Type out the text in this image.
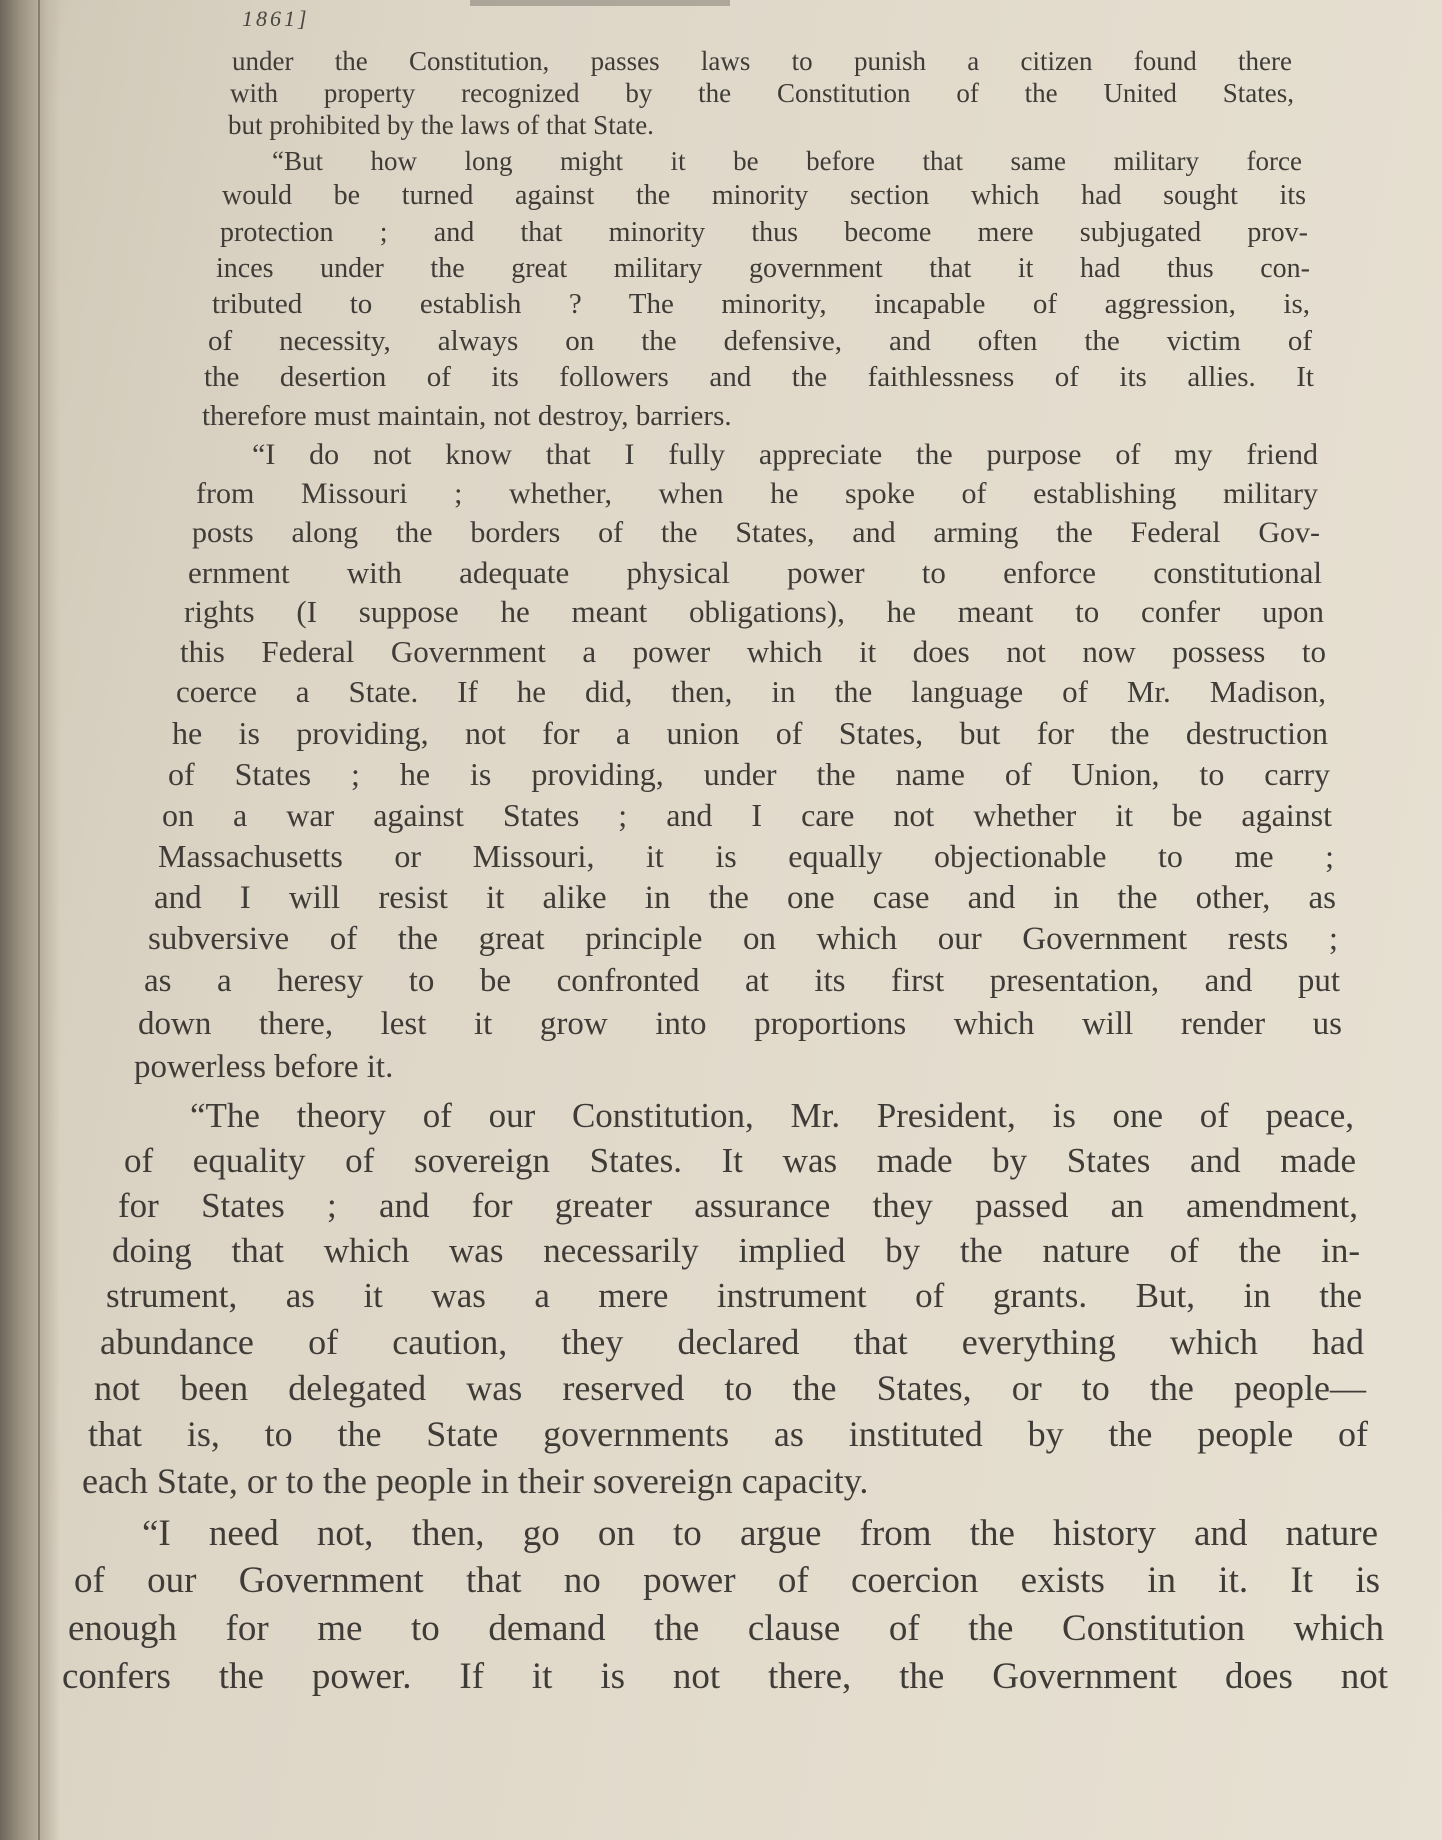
1861]
under the Constitution, passes laws to punish a citizen found there
with property recognized by the Constitution of the United States,
but prohibited by the laws of that State.
“But how long might it be before that same military force
would be turned against the minority section which had sought its
protection ; and that minority thus become mere subjugated prov-
inces under the great military government that it had thus con-
tributed to establish ? The minority, incapable of aggression, is,
of necessity, always on the defensive, and often the victim of
the desertion of its followers and the faithlessness of its allies. It
therefore must maintain, not destroy, barriers.
“I do not know that I fully appreciate the purpose of my friend
from Missouri ; whether, when he spoke of establishing military
posts along the borders of the States, and arming the Federal Gov-
ernment with adequate physical power to enforce constitutional
rights (I suppose he meant obligations), he meant to confer upon
this Federal Government a power which it does not now possess to
coerce a State. If he did, then, in the language of Mr. Madison,
he is providing, not for a union of States, but for the destruction
of States ; he is providing, under the name of Union, to carry
on a war against States ; and I care not whether it be against
Massachusetts or Missouri, it is equally objectionable to me ;
and I will resist it alike in the one case and in the other, as
subversive of the great principle on which our Government rests ;
as a heresy to be confronted at its first presentation, and put
down there, lest it grow into proportions which will render us
powerless before it.
“The theory of our Constitution, Mr. President, is one of peace,
of equality of sovereign States. It was made by States and made
for States ; and for greater assurance they passed an amendment,
doing that which was necessarily implied by the nature of the in-
strument, as it was a mere instrument of grants. But, in the
abundance of caution, they declared that everything which had
not been delegated was reserved to the States, or to the people—
that is, to the State governments as instituted by the people of
each State, or to the people in their sovereign capacity.
“I need not, then, go on to argue from the history and nature
of our Government that no power of coercion exists in it. It is
enough for me to demand the clause of the Constitution which
confers the power. If it is not there, the Government does not
